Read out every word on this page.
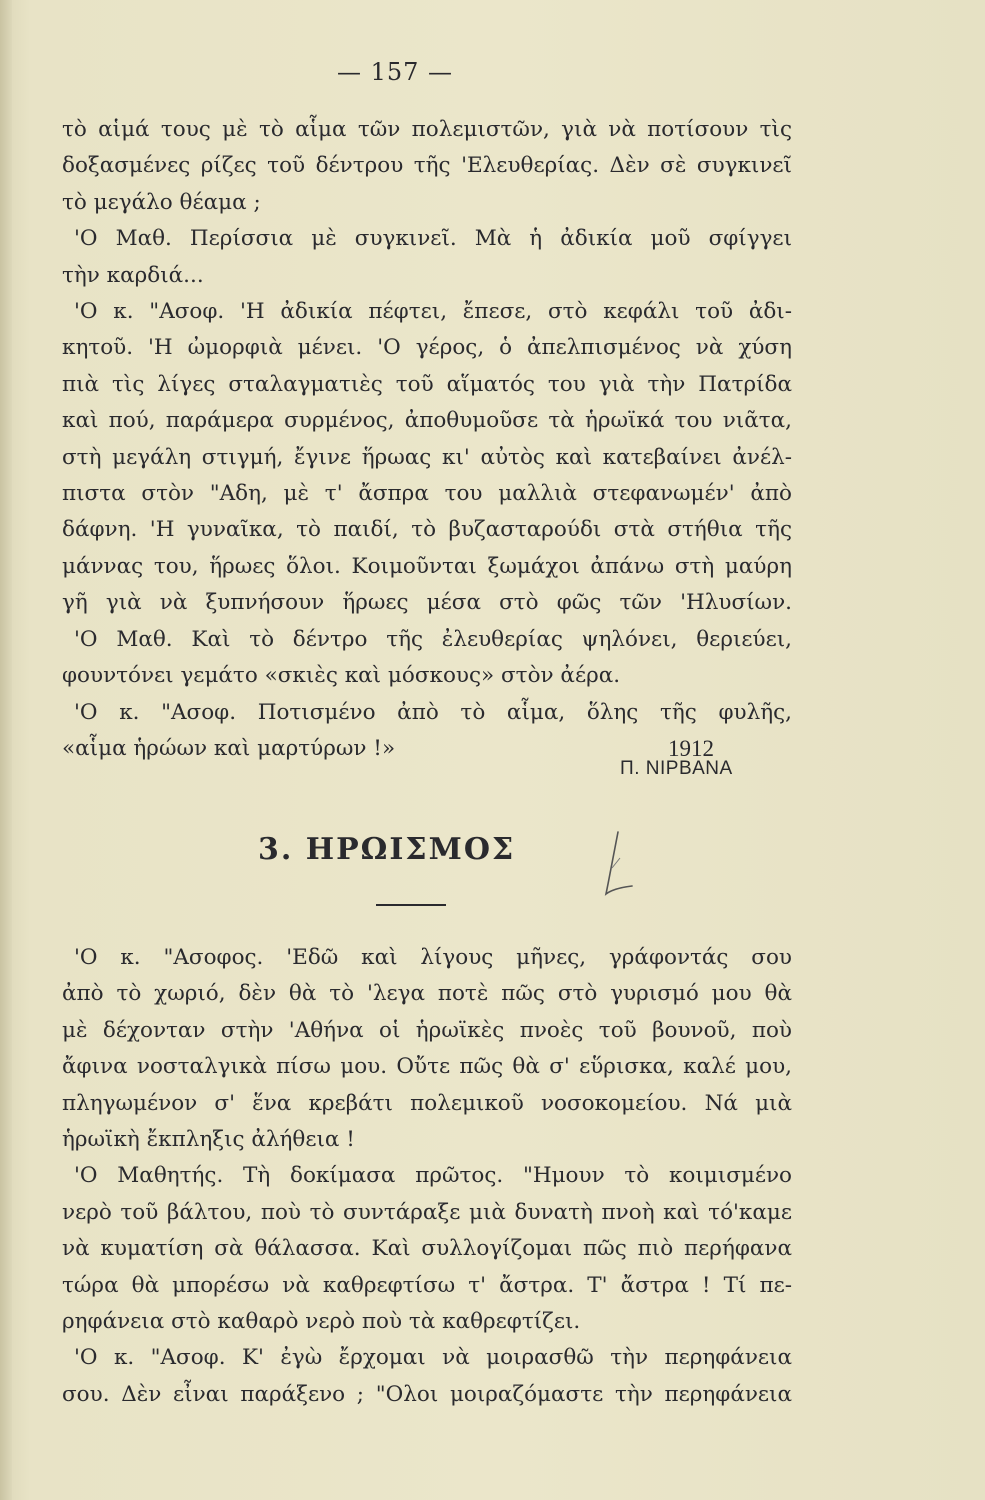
— 157 —
τὸ αἱμά τους μὲ τὸ αἷμα τῶν πολεμιστῶν, γιὰ νὰ ποτίσουν τὶς
δοξασμένες ρίζες τοῦ δέντρου τῆς 'Ελευθερίας. Δὲν σὲ συγκινεῖ
τὸ μεγάλο θέαμα ;
'Ο Μαθ. Περίσσια μὲ συγκινεῖ. Μὰ ἡ ἀδικία μοῦ σφίγγει
τὴν καρδιά...
'Ο κ. "Ασοφ. 'Η ἀδικία πέφτει, ἔπεσε, στὸ κεφάλι τοῦ ἀδι-
κητοῦ. 'Η ὠμορφιὰ μένει. 'Ο γέρος, ὁ ἀπελπισμένος νὰ χύση
πιὰ τὶς λίγες σταλαγματιὲς τοῦ αἵματός του γιὰ τὴν Πατρίδα
καὶ πού, παράμερα συρμένος, ἀποθυμοῦσε τὰ ἡρωϊκά του νιᾶτα,
στὴ μεγάλη στιγμή, ἔγινε ἥρωας κι' αὐτὸς καὶ κατεβαίνει ἀνέλ-
πιστα στὸν "Αδη, μὲ τ' ἄσπρα του μαλλιὰ στεφανωμέν' ἀπὸ
δάφνη. 'Η γυναῖκα, τὸ παιδί, τὸ βυζασταρούδι στὰ στήθια τῆς
μάννας του, ἥρωες ὅλοι. Κοιμοῦνται ξωμάχοι ἀπάνω στὴ μαύρη
γῆ γιὰ νὰ ξυπνήσουν ἥρωες μέσα στὸ φῶς τῶν 'Ηλυσίων.
'Ο Μαθ. Καὶ τὸ δέντρο τῆς ἐλευθερίας ψηλόνει, θεριεύει,
φουντόνει γεμάτο «σκιὲς καὶ μόσκους» στὸν ἀέρα.
'Ο κ. "Ασοφ. Ποτισμένο ἀπὸ τὸ αἷμα, ὅλης τῆς φυλῆς,
«αἷμα ἡρώων καὶ μαρτύρων !»	1912
Π. ΝΙΡΒΑΝΑ
3. ΗΡΩΙΣΜΟΣ
'Ο κ. "Ασοφος. 'Εδῶ καὶ λίγους μῆνες, γράφοντάς σου
ἀπὸ τὸ χωριό, δὲν θὰ τὸ 'λεγα ποτὲ πῶς στὸ γυρισμό μου θὰ
μὲ δέχονταν στὴν 'Αθήνα οἱ ἡρωϊκὲς πνοὲς τοῦ βουνοῦ, ποὺ
ἄφινα νοσταλγικὰ πίσω μου. Οὔτε πῶς θὰ σ' εὕρισκα, καλέ μου,
πληγωμένον σ' ἕνα κρεβάτι πολεμικοῦ νοσοκομείου. Νά μιὰ
ἡρωϊκὴ ἔκπληξις ἀλήθεια !
'Ο Μαθητής. Τὴ δοκίμασα πρῶτος. "Ημουν τὸ κοιμισμένο
νερὸ τοῦ βάλτου, ποὺ τὸ συντάραξε μιὰ δυνατὴ πνοὴ καὶ τό'καμε
νὰ κυματίση σὰ θάλασσα. Καὶ συλλογίζομαι πῶς πιὸ περήφανα
τώρα θὰ μπορέσω νὰ καθρεφτίσω τ' ἄστρα. Τ' ἄστρα ! Τί πε-
ρηφάνεια στὸ καθαρὸ νερὸ ποὺ τὰ καθρεφτίζει.
'Ο κ. "Ασοφ. Κ' ἐγὼ ἔρχομαι νὰ μοιρασθῶ τὴν περηφάνεια
σου. Δὲν εἶναι παράξενο ; "Ολοι μοιραζόμαστε τὴν περηφάνεια
